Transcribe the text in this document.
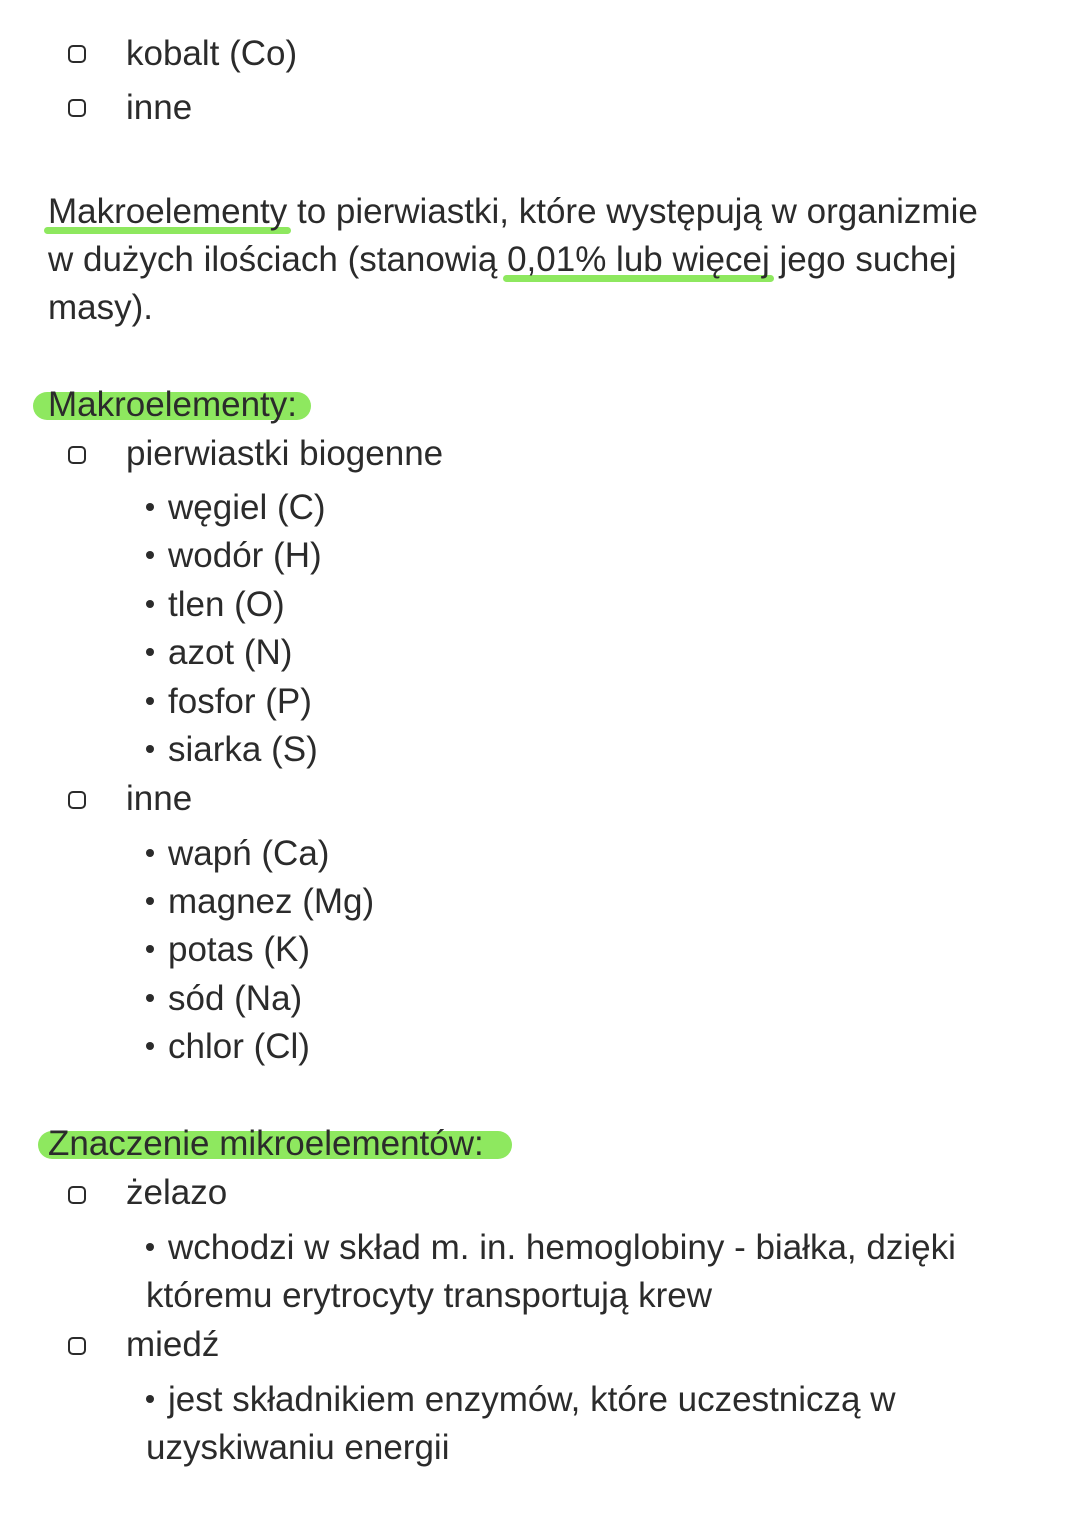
kobalt (Co)
inne
Makroelementy to pierwiastki, które występują w organizmie
w dużych ilościach (stanowią 0,01% lub więcej jego suchej
masy).
Makroelementy:
pierwiastki biogenne
węgiel (C)
wodór (H)
tlen (O)
azot (N)
fosfor (P)
siarka (S)
inne
wapń (Ca)
magnez (Mg)
potas (K)
sód (Na)
chlor (Cl)
Znaczenie mikroelementów:
żelazo
wchodzi w skład m. in. hemoglobiny - białka, dzięki
któremu erytrocyty transportują krew
miedź
jest składnikiem enzymów, które uczestniczą w
uzyskiwaniu energii
